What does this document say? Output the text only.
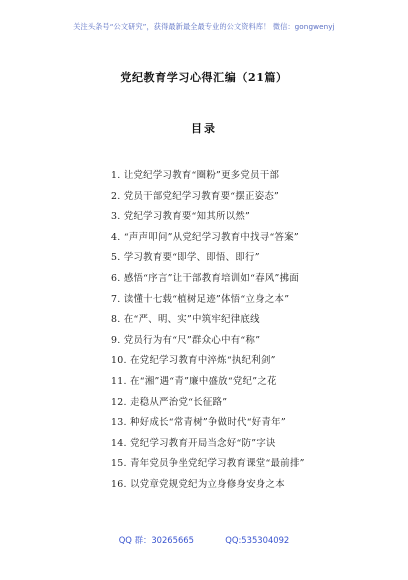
关注头条号“公文研究”，获得最新最全最专业的公文资料库！ 微信：gongwenyj
党纪教育学习心得汇编（21篇）
目录
1. 让党纪学习教育“圈粉”更多党员干部
2. 党员干部党纪学习教育要“摆正姿态”
3. 党纪学习教育要“知其所以然”
4. “声声叩问”从党纪学习教育中找寻“答案”
5. 学习教育要“即学、即悟、即行”
6. 感悟“序言”让干部教育培训如“春风”拂面
7. 读懂十七载“植树足迹”体悟“立身之本”
8. 在“严、明、实”中筑牢纪律底线
9. 党员行为有“尺”群众心中有“称”
10. 在党纪学习教育中淬炼“执纪利剑”
11. 在“湘”遇“青”廉中盛放“党纪”之花
12. 走稳从严治党“长征路”
13. 种好成长“常青树”争做时代“好青年”
14. 党纪学习教育开局当念好“防”字诀
15. 青年党员争坐党纪学习教育课堂“最前排”
16. 以党章党规党纪为立身修身安身之本
QQ 群：30265665	QQ:535304092
